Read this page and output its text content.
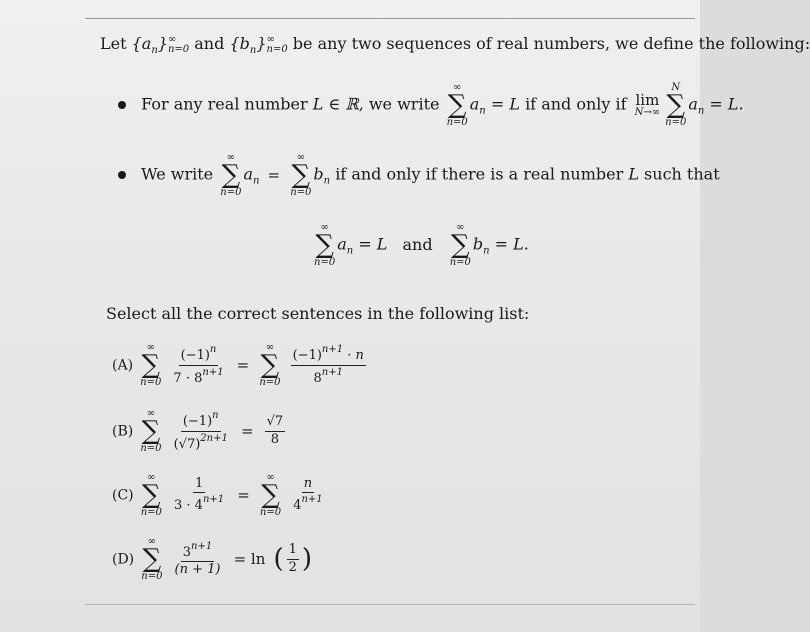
Let $\{a_n\}$ ∞
n=0 and $\{b_n\}$ ∞
n=0 be any two sequences of real numbers, we define the following:
For any real number L ∈ ℝ, we write
∞
∑
n=0
$a_n = L$ if and only if lim
N→∞
N
∑
n=0
$a_n = L$.
We write
∞
∑
n=0
$a_n$ =
∞
∑
n=0
$b_n$ if and only if there is a real number L such that
∞
∑
n=0
$a_n = L$ and
∞
∑
n=0
$b_n = L$.
Select all the correct sentences in the following list:
(A)
∞
∑
n=0
$\frac{(-1)^n}{7 \cdot 8^{n+1}}$ =
∞
∑
n=0
$\frac{(-1)^{n+1} \cdot n}{8^{n+1}}$
(B)
∞
∑
n=0
$\frac{(-1)^n}{(√7)^{2n+1}} = \frac{√7}{8}$
(C)
∞
∑
n=0
$\frac{1}{3 \cdot 4^{n+1}}$ =
∞
∑
n=0
$\frac{n}{4^{n+1}}$
(D)
∞
∑
n=0
$\frac{3^{n+1}}{(n + 1)} = \ln$ ( $\frac{1}{2}$ )
